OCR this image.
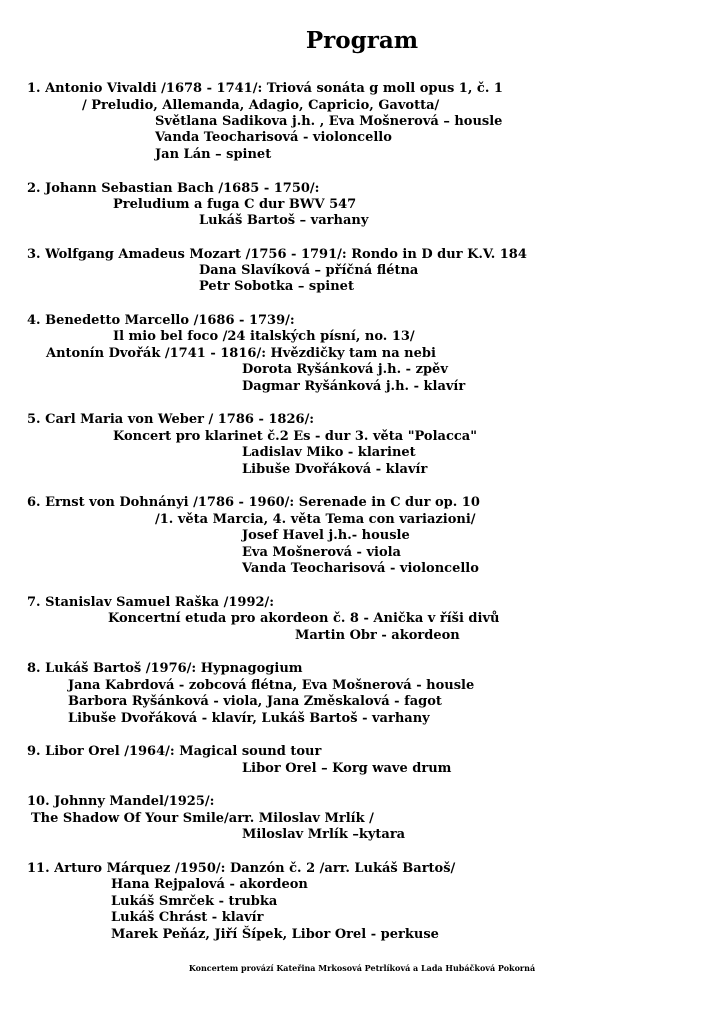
Program
1. Antonio Vivaldi /1678 - 1741/: Triová sonáta g moll opus 1, č. 1
/ Preludio, Allemanda, Adagio, Capricio, Gavotta/
Světlana Sadikova j.h. , Eva Mošnerová – housle
Vanda Teocharisová - violoncello
Jan Lán – spinet
2. Johann Sebastian Bach /1685 - 1750/:
Preludium a fuga C dur BWV 547
Lukáš Bartoš – varhany
3. Wolfgang Amadeus Mozart /1756 - 1791/: Rondo in D dur K.V. 184
Dana Slavíková – příčná flétna
Petr Sobotka – spinet
4. Benedetto Marcello /1686 - 1739/:
Il mio bel foco /24 italských písní, no. 13/
Antonín Dvořák /1741 - 1816/: Hvězdičky tam na nebi
Dorota Ryšánková j.h. - zpěv
Dagmar Ryšánková j.h. - klavír
5. Carl Maria von Weber / 1786 - 1826/:
Koncert pro klarinet č.2 Es - dur 3. věta "Polacca"
Ladislav Miko - klarinet
Libuše Dvořáková - klavír
6. Ernst von Dohnányi /1786 - 1960/: Serenade in C dur op. 10
/1. věta Marcia, 4. věta Tema con variazioni/
Josef Havel j.h.- housle
Eva Mošnerová - viola
Vanda Teocharisová - violoncello
7. Stanislav Samuel Raška /1992/:
Koncertní etuda pro akordeon č. 8 - Anička v říši divů
Martin Obr - akordeon
8. Lukáš Bartoš /1976/: Hypnagogium
Jana Kabrdová - zobcová flétna, Eva Mošnerová - housle
Barbora Ryšánková - viola, Jana Změskalová - fagot
Libuše Dvořáková - klavír, Lukáš Bartoš - varhany
9. Libor Orel /1964/: Magical sound tour
Libor Orel – Korg wave drum
10. Johnny Mandel/1925/:
The Shadow Of Your Smile/arr. Miloslav Mrlík /
Miloslav Mrlík –kytara
11. Arturo Márquez /1950/: Danzón č. 2 /arr. Lukáš Bartoš/
Hana Rejpalová - akordeon
Lukáš Smrček - trubka
Lukáš Chrást - klavír
Marek Peňáz, Jiří Šípek, Libor Orel - perkuse
Koncertem provází Kateřina Mrkosová Petrlíková a Lada Hubáčková Pokorná
